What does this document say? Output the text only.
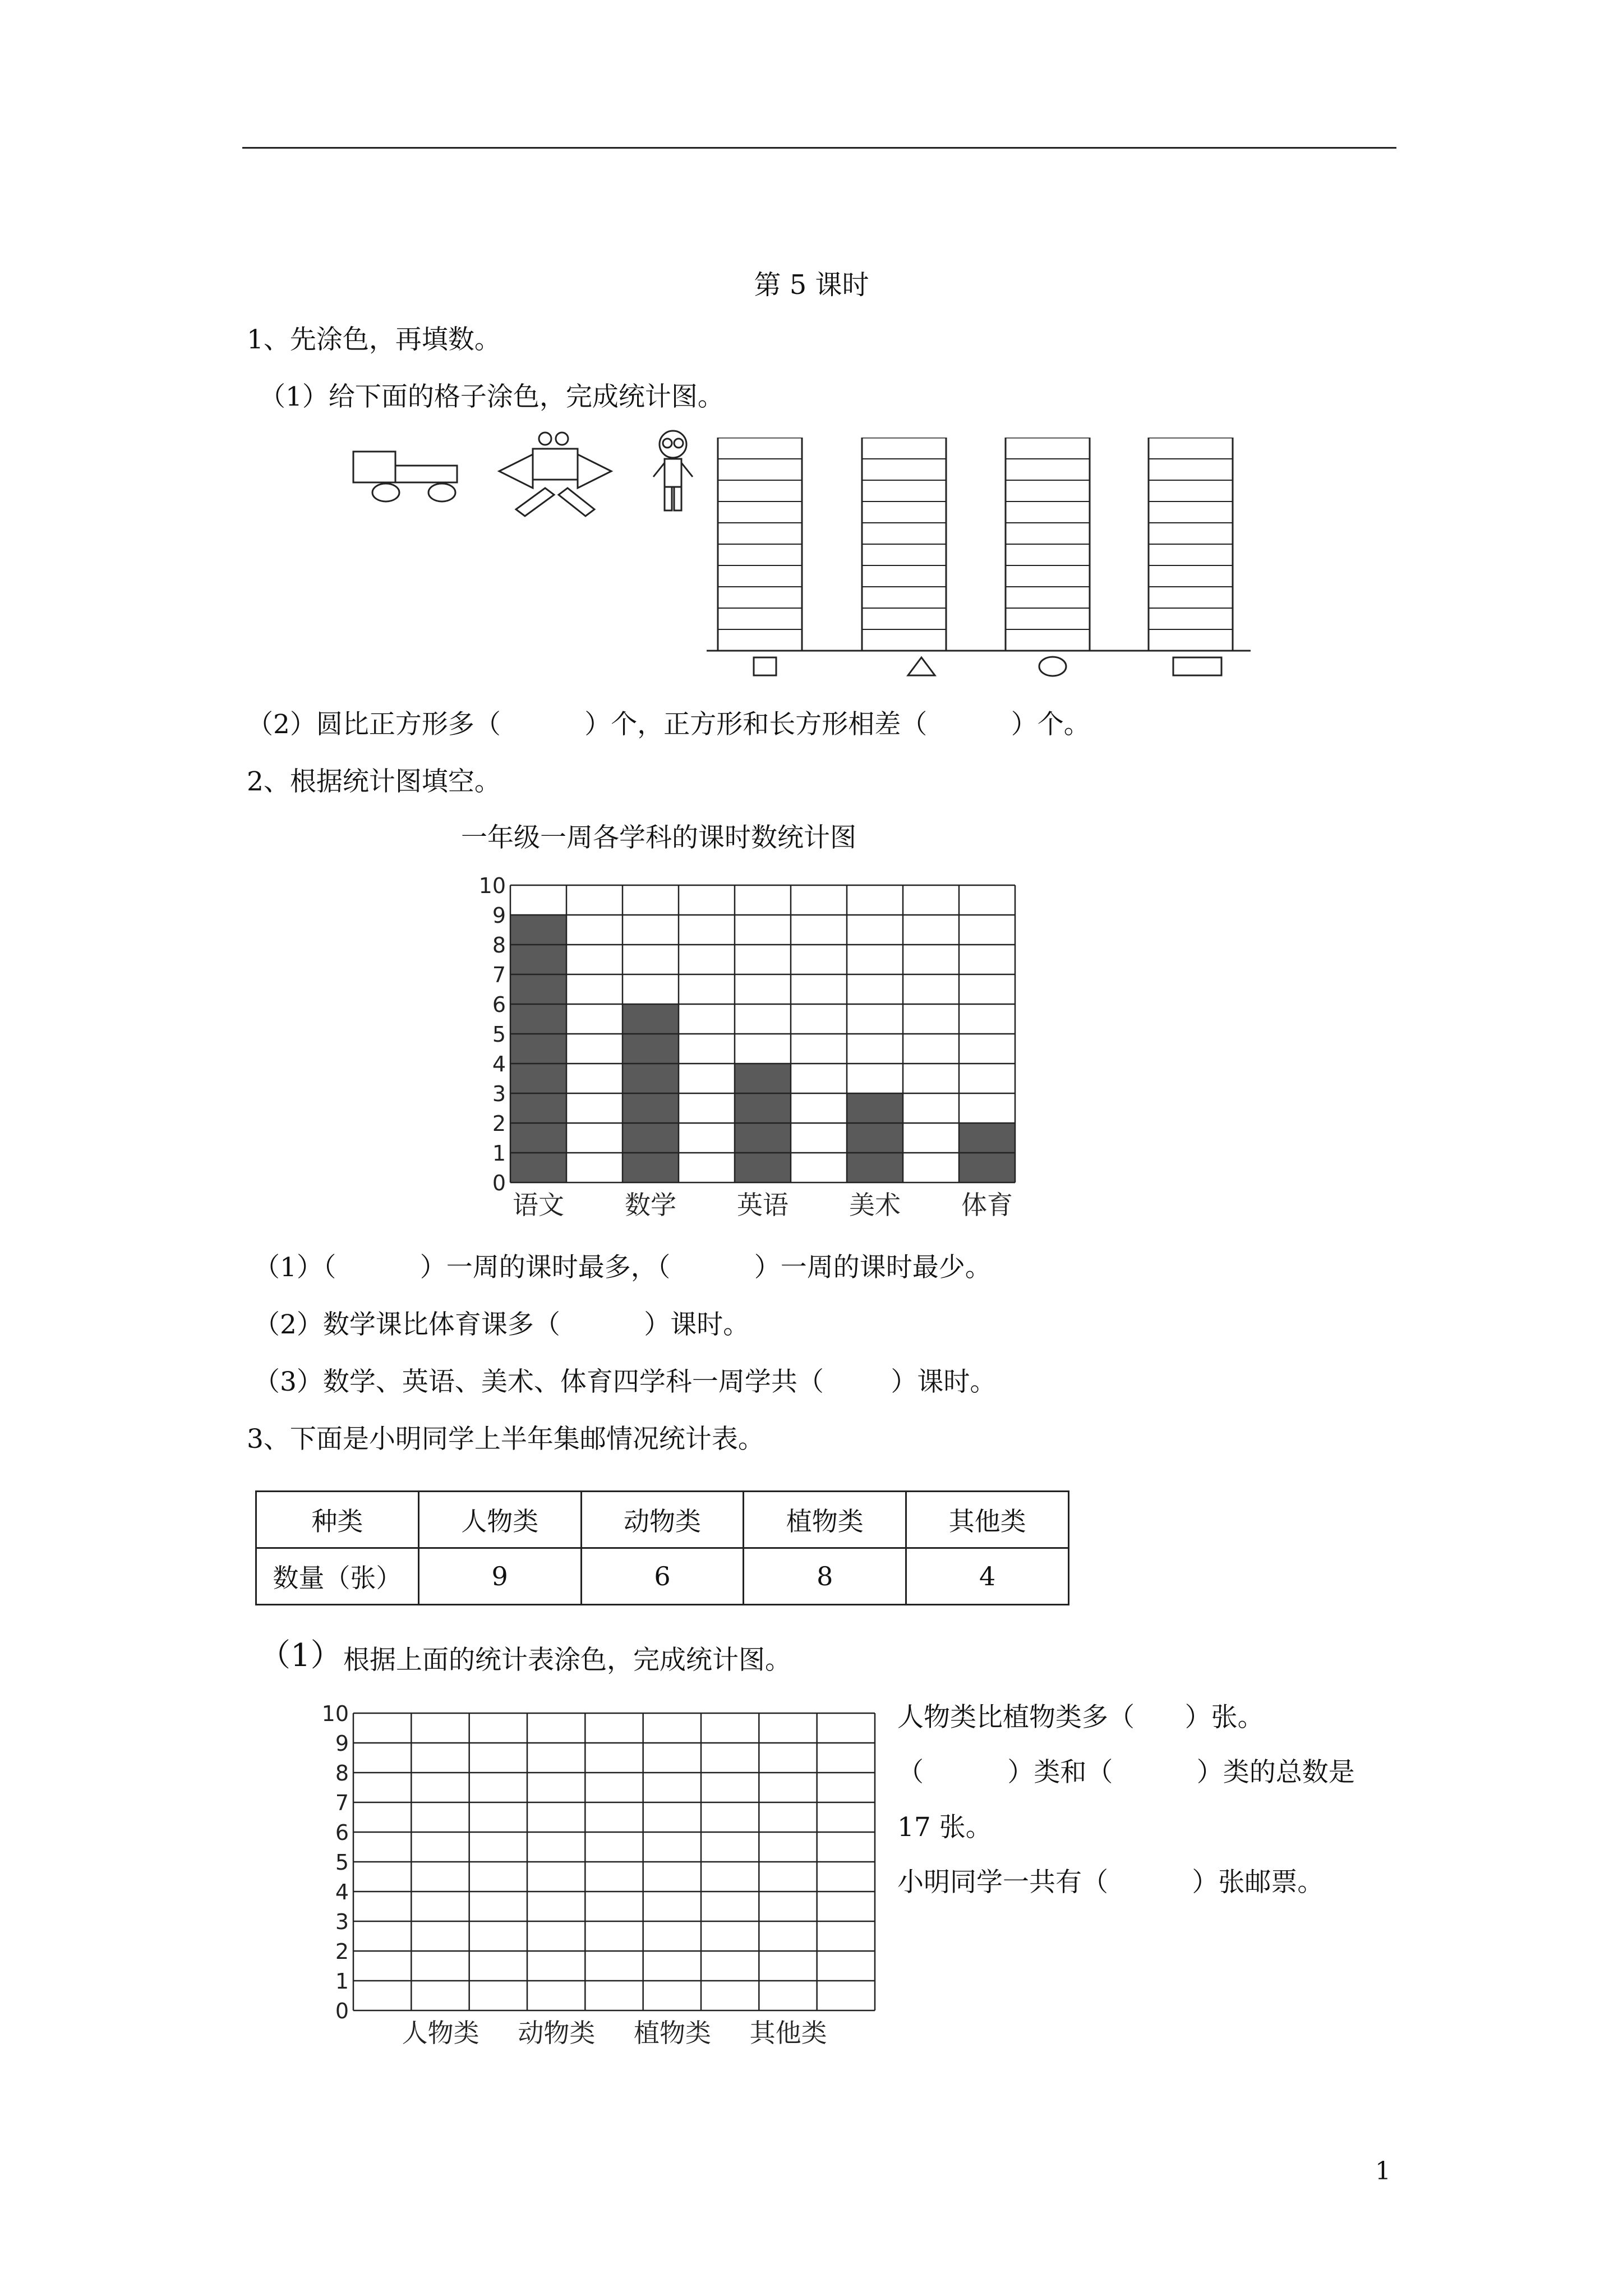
第 5 课时
1、先涂色，再填数。
（1）给下面的格子涂色，完成统计图。
（2）圆比正方形多（          ）个，正方形和长方形相差（          ）个。
2、根据统计图填空。
一年级一周各学科的课时数统计图
0
1
2
3
4
5
6
7
8
9
10
语文 数学 英语 美术 体育
（1）（          ）一周的课时最多，（          ）一周的课时最少。
（2）数学课比体育课多（          ）课时。
（3）数学、英语、美术、体育四学科一周学共（        ）课时。
3、下面是小明同学上半年集邮情况统计表。
种类	人物类	动物类	植物类	其他类
数量（张）	9	6	8	4
（1） 根据上面的统计表涂色，完成统计图。
0
1
2
3
4
5
6
7
8
9
10
人物类 动物类 植物类 其他类
人物类比植物类多（      ）张。
（          ）类和（          ）类的总数是
17 张。
小明同学一共有（          ）张邮票。
1
